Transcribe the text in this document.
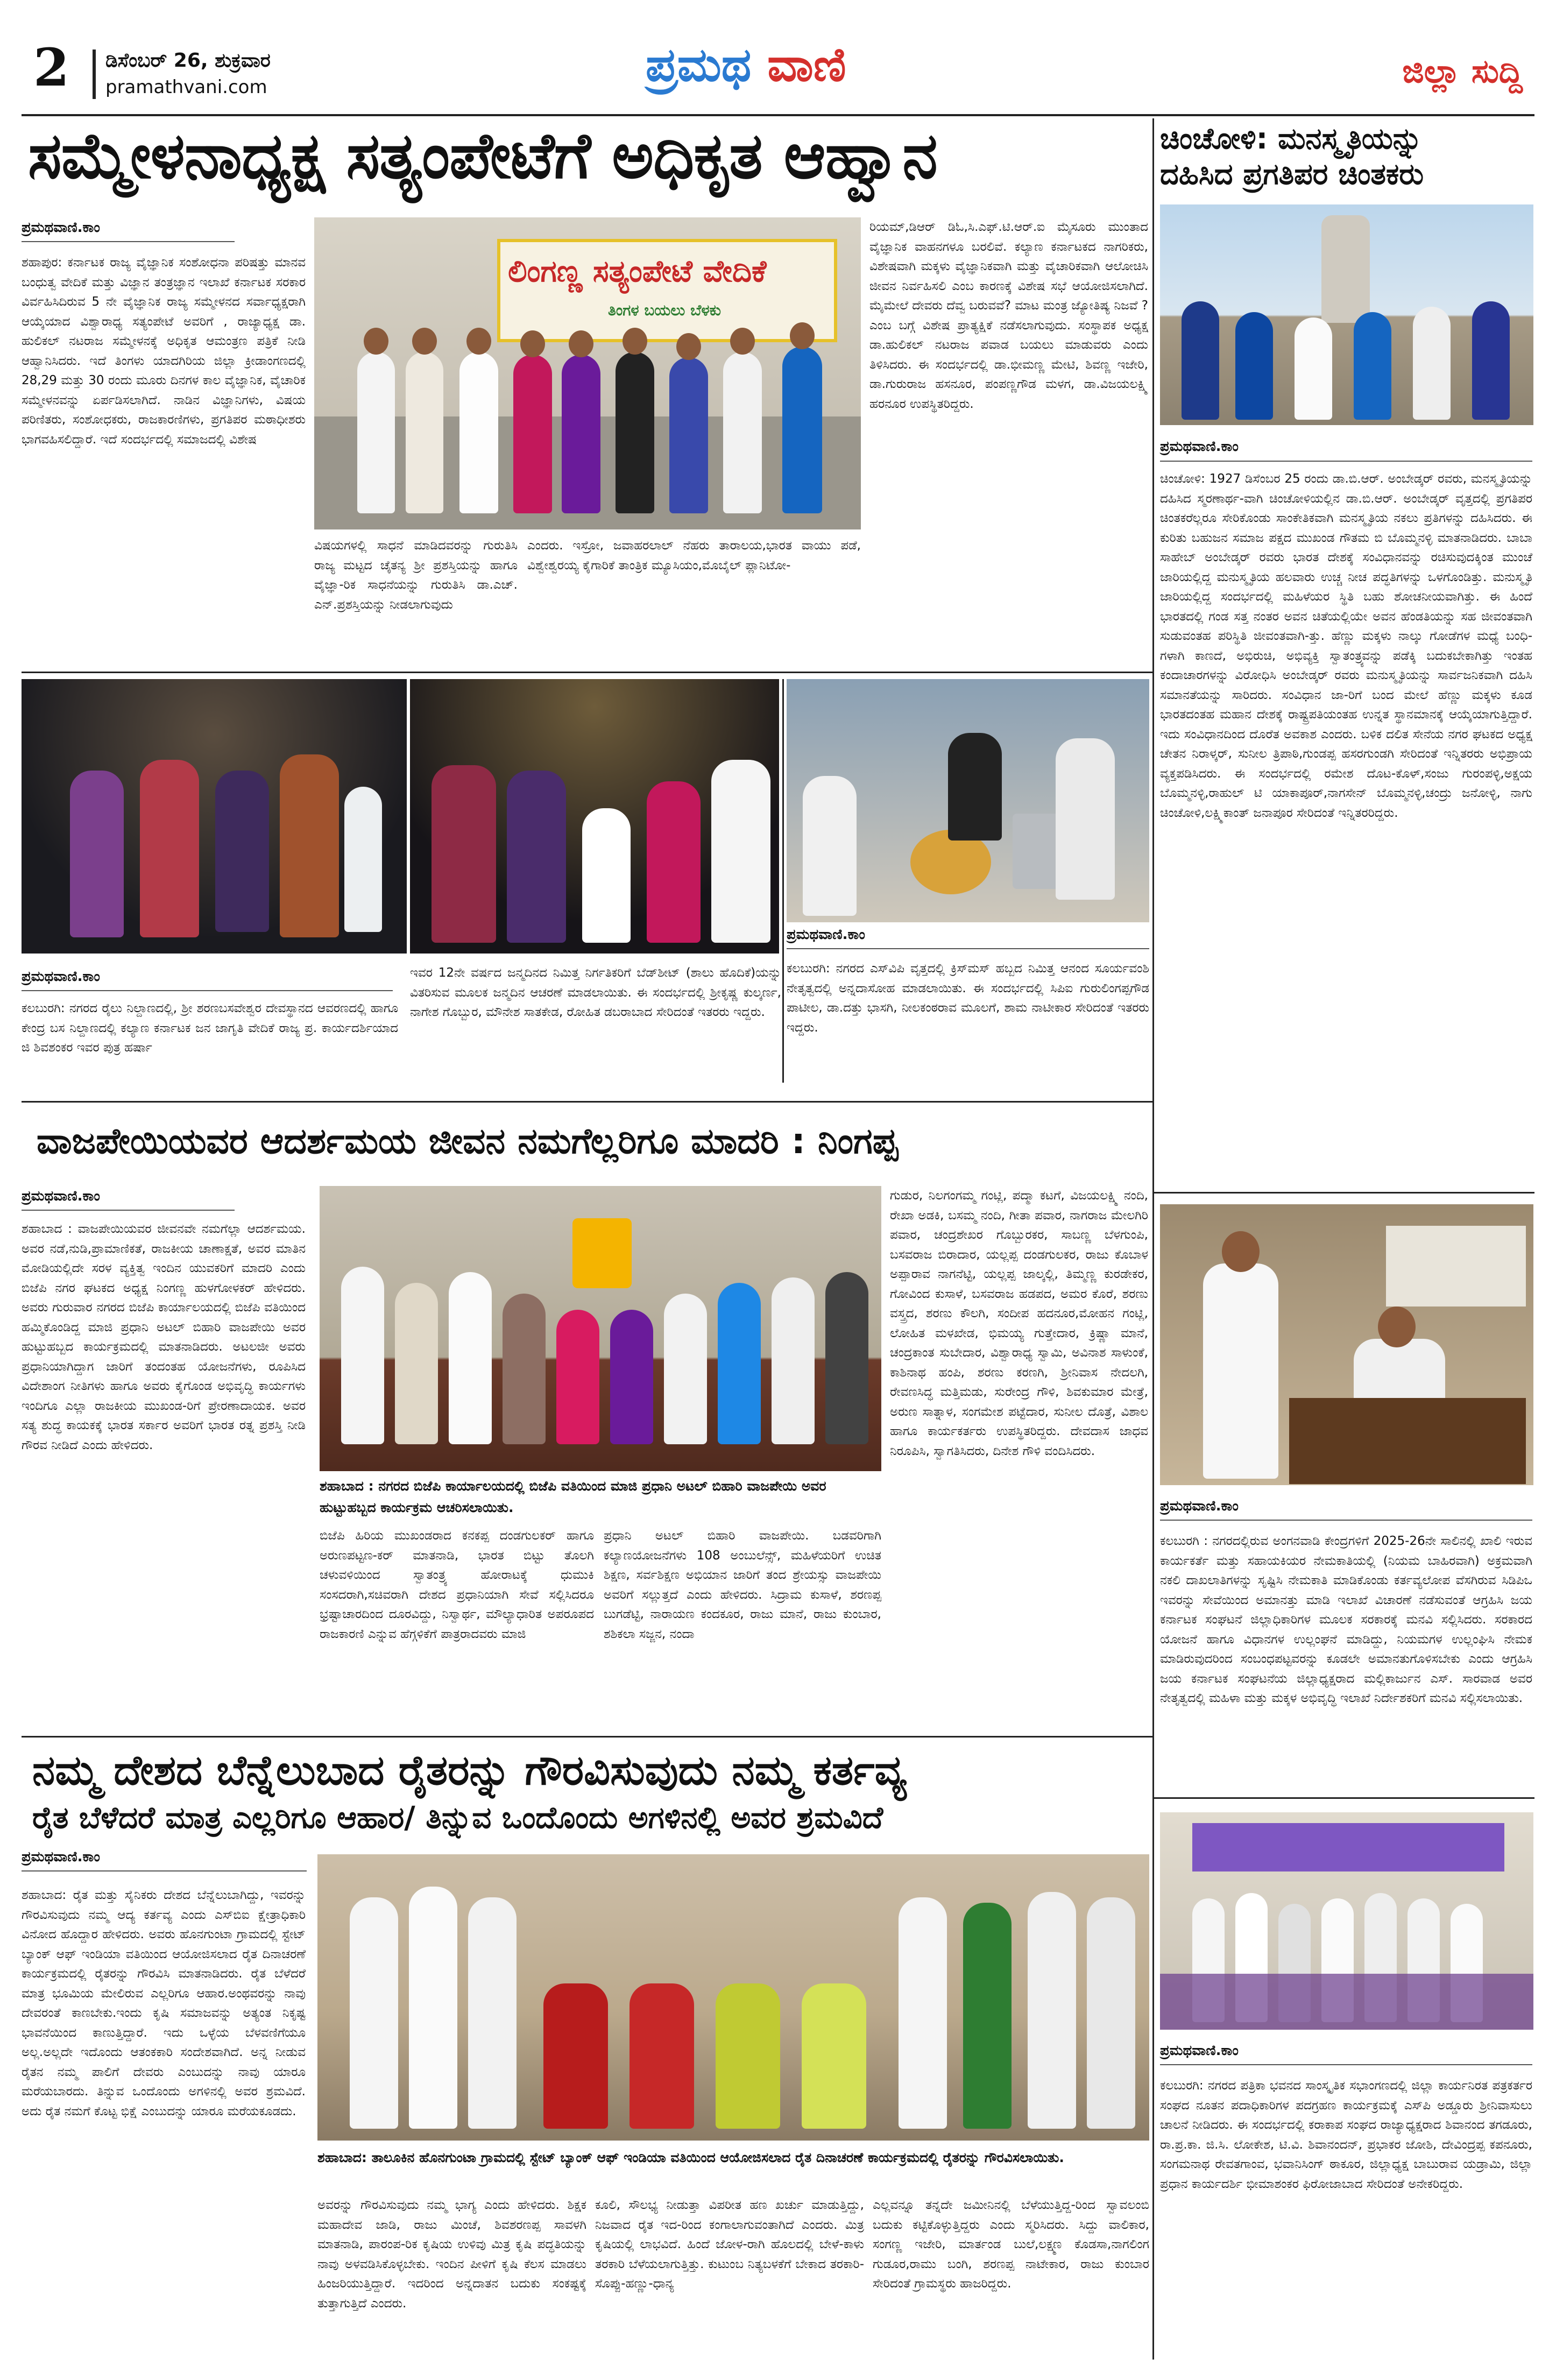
2 ಡಿಸೆಂಬರ್ 26, ಶುಕ್ರವಾರ
pramathvani.com	ಪ್ರಮಥ ವಾಣಿ	ಜಿಲ್ಲಾ ಸುದ್ದಿ
ಸಮ್ಮೇಳನಾಧ್ಯಕ್ಷ ಸತ್ಯಂಪೇಟೆಗೆ ಅಧಿಕೃತ ಆಹ್ವಾನ
ಪ್ರಮಥವಾಣಿ.ಕಾಂ
ಶಹಾಪುರ: ಕರ್ನಾಟಕ ರಾಜ್ಯ ವೈಜ್ಞಾನಿಕ ಸಂಶೋಧನಾ ಪರಿಷತ್ತು ಮಾನವ ಬಂಧುತ್ವ ವೇದಿಕೆ ಮತ್ತು ವಿಜ್ಞಾನ ತಂತ್ರಜ್ಞಾನ ಇಲಾಖೆ ಕರ್ನಾಟಕ ಸರಕಾರ ವಿರ್ವಹಿಸಿದಿರುವ 5 ನೇ ವೈಜ್ಞಾನಿಕ ರಾಜ್ಯ ಸಮ್ಮೇಳನದ ಸರ್ವಾಧ್ಯಕ್ಷರಾಗಿ ಆಯ್ಕೆಯಾದ ವಿಶ್ವಾರಾಧ್ಯ ಸತ್ಯಂಪೇಟೆ ಅವರಿಗೆ , ರಾಜ್ಯಾಧ್ಯಕ್ಷ ಡಾ. ಹುಲಿಕಲ್ ನಟರಾಜ ಸಮ್ಮೇಳನಕ್ಕೆ ಅಧಿಕೃತ ಆಮಂತ್ರಣ ಪತ್ರಿಕೆ ನೀಡಿ ಆಹ್ವಾನಿಸಿದರು. ಇದೆ ತಿಂಗಳು ಯಾದಗಿರಿಯ ಜಿಲ್ಲಾ ಕ್ರೀಡಾಂಗಣದಲ್ಲಿ 28,29 ಮತ್ತು 30 ರಂದು ಮೂರು ದಿನಗಳ ಕಾಲ ವೈಜ್ಞಾನಿಕ, ವೈಚಾರಿಕ ಸಮ್ಮೇಳನವನ್ನು ಏರ್ಪಡಿಸಲಾಗಿದೆ. ನಾಡಿನ ವಿಜ್ಞಾನಿಗಳು, ವಿಷಯ ಪರಿಣಿತರು, ಸಂಶೋಧಕರು, ರಾಜಕಾರಣಿಗಳು, ಪ್ರಗತಿಪರ ಮಠಾಧೀಶರು ಭಾಗವಹಿಸಲಿದ್ದಾರೆ. ಇದೆ ಸಂದರ್ಭದಲ್ಲಿ ಸಮಾಜದಲ್ಲಿ ವಿಶೇಷ
ಲಿಂಗಣ್ಣ ಸತ್ಯಂಪೇಟೆ ವೇದಿಕೆ
ತಿಂಗಳ ಬಯಲು ಬೆಳಕು
ವಿಷಯಗಳಲ್ಲಿ ಸಾಧನೆ ಮಾಡಿದವರನ್ನು ಗುರುತಿಸಿ ರಾಜ್ಯ ಮಟ್ಟದ ಚೈತನ್ಯ ಶ್ರೀ ಪ್ರಶಸ್ತಿಯನ್ನು ಹಾಗೂ ವೈಜ್ಞಾ-ರಿಕ ಸಾಧನೆಯನ್ನು ಗುರುತಿಸಿ ಡಾ.ಎಚ್. ಎನ್.ಪ್ರಶಸ್ತಿಯನ್ನು ನೀಡಲಾಗುವುದು
ಎಂದರು. ಇಸ್ರೋ, ಜವಾಹರಲಾಲ್ ನೆಹರು ತಾರಾಲಯ,ಭಾರತ ವಾಯು ಪಡೆ, ವಿಶ್ವೇಶ್ವರಯ್ಯ ಕೈಗಾರಿಕೆ ತಾಂತ್ರಿಕ ಮ್ಯೂಸಿಯಂ,ಮೊಬೈಲ್ ಪ್ಲಾನಿಟೋ-
ರಿಯಮ್,ಡಿಆರ್ ಡಿಓ,ಸಿ.ಎಫ್.ಟಿ.ಆರ್.ಐ ಮೈಸೂರು ಮುಂತಾದ ವೈಜ್ಞಾನಿಕ ವಾಹನಗಳೂ ಬರಲಿವೆ. ಕಲ್ಯಾಣ ಕರ್ನಾಟಕದ ನಾಗರಿಕರು, ವಿಶೇಷವಾಗಿ ಮಕ್ಕಳು ವೈಜ್ಞಾನಿಕವಾಗಿ ಮತ್ತು ವೈಚಾರಿಕವಾಗಿ ಆಲೋಚಿಸಿ ಜೀವನ ನಿರ್ವಹಿಸಲಿ ಎಂಬ ಕಾರಣಕ್ಕೆ ವಿಶೇಷ ಸಭೆ ಆಯೋಜಿಸಲಾಗಿದೆ. ಮೈಮೇಲೆ ದೇವರು ದೆವ್ವ ಬರುವವೆ? ಮಾಟ ಮಂತ್ರ ಜ್ಯೋತಿಷ್ಯ ನಿಜವೆ ? ಎಂಬ ಬಗ್ಗೆ ವಿಶೇಷ ಪ್ರಾತ್ಯಕ್ಷಿಕೆ ನಡೆಸಲಾಗುವುದು. ಸಂಸ್ಥಾಪಕ ಅಧ್ಯಕ್ಷ ಡಾ.ಹುಲಿಕಲ್ ನಟರಾಜ ಪವಾಡ ಬಯಲು ಮಾಡುವರು ಎಂದು ತಿಳಿಸಿದರು. ಈ ಸಂದರ್ಭದಲ್ಲಿ ಡಾ.ಭೀಮಣ್ಣ ಮೇಟಿ, ಶಿವಣ್ಣ ಇಜೇರಿ, ಡಾ.ಗುರುರಾಜ ಹಸನೂರ, ಪಂಪಣ್ಣಗೌಡ ಮಳಗ, ಡಾ.ವಿಜಯಲಕ್ಷ್ಮಿ ಹರನೂರ ಉಪಸ್ಥಿತರಿದ್ದರು.
ಚಿಂಚೋಳಿ: ಮನಸ್ಮೃತಿಯನ್ನು
ದಹಿಸಿದ ಪ್ರಗತಿಪರ ಚಿಂತಕರು
ಪ್ರಮಥವಾಣಿ.ಕಾಂ
ಚಿಂಚೋಳಿ: 1927 ಡಿಸೆಂಬರ 25 ರಂದು ಡಾ.ಬಿ.ಆರ್. ಅಂಬೇಡ್ಕರ್ ರವರು, ಮನಸ್ಮೃತಿಯನ್ನು ದಹಿಸಿದ ಸ್ಮರಣಾರ್ಥ-ವಾಗಿ ಚಿಂಚೋಳಿಯಲ್ಲಿನ ಡಾ.ಬಿ.ಆರ್. ಅಂಬೇಡ್ಕರ್ ವೃತ್ತದಲ್ಲಿ ಪ್ರಗತಿಪರ ಚಿಂತಕರೆಲ್ಲರೂ ಸೇರಿಕೊಂಡು ಸಾಂಕೇತಿಕವಾಗಿ ಮನಸ್ಮೃತಿಯ ನಕಲು ಪ್ರತಿಗಳನ್ನು ದಹಿಸಿದರು. ಈ ಕುರಿತು ಬಹುಜನ ಸಮಾಜ ಪಕ್ಷದ ಮುಖಂಡ ಗೌತಮ ಬಿ ಬೊಮ್ಮನಳ್ಳಿ ಮಾತನಾಡಿದರು. ಬಾಬಾ ಸಾಹೇಬ್ ಅಂಬೇಡ್ಕರ್ ರವರು ಭಾರತ ದೇಶಕ್ಕೆ ಸಂವಿಧಾನವನ್ನು ರಚಿಸುವುದಕ್ಕಿಂತ ಮುಂಚೆ ಜಾರಿಯಲ್ಲಿದ್ದ ಮನುಸ್ಮೃತಿಯ ಹಲವಾರು ಉಚ್ಚ ನೀಚ ಪದ್ಧತಿಗಳನ್ನು ಒಳಗೊಂಡಿತ್ತು. ಮನುಸ್ಮೃತಿ ಜಾರಿಯಲ್ಲಿದ್ದ ಸಂದರ್ಭದಲ್ಲಿ ಮಹಿಳೆಯರ ಸ್ಥಿತಿ ಬಹು ಶೋಚನೀಯವಾಗಿತ್ತು. ಈ ಹಿಂದೆ ಭಾರತದಲ್ಲಿ ಗಂಡ ಸತ್ತ ನಂತರ ಅವನ ಚಿತೆಯಲ್ಲಿಯೇ ಅವನ ಹೆಂಡತಿಯನ್ನು ಸಹ ಜೀವಂತವಾಗಿ ಸುಡುವಂತಹ ಪರಿಸ್ಥಿತಿ ಜೀವಂತವಾಗಿ-ತ್ತು. ಹೆಣ್ಣು ಮಕ್ಕಳು ನಾಲ್ಕು ಗೋಡೆಗಳ ಮಧ್ಯೆ ಬಂಧಿ-ಗಳಾಗಿ ಕಾಣದೆ, ಅಭಿರುಚಿ, ಅಭಿವ್ಯಕ್ತಿ ಸ್ವಾತಂತ್ರ್ಯವನ್ನು ಪಡೆಕ್ಕಿ ಬದುಕಬೇಕಾಗಿತ್ತು ಇಂತಹ ಕಂದಾಚಾರಗಳನ್ನು ವಿರೋಧಿಸಿ ಅಂಬೇಡ್ಕರ್ ರವರು ಮನುಸ್ಮೃತಿಯನ್ನು ಸಾರ್ವಜನಿಕವಾಗಿ ದಹಿಸಿ ಸಮಾನತೆಯನ್ನು ಸಾರಿದರು. ಸಂವಿಧಾನ ಜಾ-ರಿಗೆ ಬಂದ ಮೇಲೆ ಹೆಣ್ಣು ಮಕ್ಕಳು ಕೂಡ ಭಾರತದಂತಹ ಮಹಾನ ದೇಶಕ್ಕೆ ರಾಷ್ಟ್ರಪತಿಯಂತಹ ಉನ್ನತ ಸ್ಥಾನಮಾನಕ್ಕೆ ಆಯ್ಕೆಯಾಗುತ್ತಿದ್ದಾರೆ. ಇದು ಸಂವಿಧಾನದಿಂದ ದೊರೆತ ಅವಕಾಶ ಎಂದರು. ಬಳಿಕ ದಲಿತ ಸೇನೆಯ ನಗರ ಘಟಕದ ಅಧ್ಯಕ್ಷ ಚೇತನ ನಿರಾಳ್ಕರ್, ಸುನೀಲ ತ್ರಿಪಾಠಿ,ಗುಂಡಪ್ಪ ಹಸರಗುಂಡಗಿ ಸೇರಿದಂತೆ ಇನ್ನಿತರರು ಅಭಿಪ್ರಾಯ ವ್ಯಕ್ತಪಡಿಸಿದರು. ಈ ಸಂದರ್ಭದಲ್ಲಿ ರಮೇಶ ದೊಟ-ಕೊಳ್,ಸಂಜು ಗುರಂಪಳ್ಳಿ,ಅಕ್ಷಯ ಬೊಮ್ಮನಳ್ಳಿ,ರಾಹುಲ್ ಟಿ ಯಾಕಾಪೂರ್,ನಾಗಸೇನ್ ಬೊಮ್ಮನಳ್ಳಿ,ಚಂದ್ರು ಜನೋಳ್ಳಿ, ನಾಗು ಚಿಂಚೋಳಿ,ಲಕ್ಷ್ಮಿಕಾಂತ್ ಜನಾಪೂರ ಸೇರಿದಂತೆ ಇನ್ನಿತರರಿದ್ದರು.
ಪ್ರಮಥವಾಣಿ.ಕಾಂ
ಕಲಬುರಗಿ: ನಗರದ ರೈಲು ನಿಲ್ದಾಣದಲ್ಲಿ, ಶ್ರೀ ಶರಣಬಸವೇಶ್ವರ ದೇವಸ್ಥಾನದ ಆವರಣದಲ್ಲಿ ಹಾಗೂ ಕೇಂದ್ರ ಬಸ ನಿಲ್ದಾಣದಲ್ಲಿ ಕಲ್ಯಾಣ ಕರ್ನಾಟಕ ಜನ ಜಾಗೃತಿ ವೇದಿಕೆ ರಾಜ್ಯ ಪ್ರ. ಕಾರ್ಯದರ್ಶಿಯಾದ ಜಿ ಶಿವಶಂಕರ ಇವರ ಪುತ್ರ ಹರ್ಷಾ
ಇವರ 12ನೇ ವರ್ಷದ ಜನ್ಮದಿನದ ನಿಮಿತ್ತ ನಿರ್ಗತಿಕರಿಗೆ ಬೆಡ್‌ಶೀಟ್ (ಶಾಲು ಹೊದಿಕೆ)ಯನ್ನು ವಿತರಿಸುವ ಮೂಲಕ ಜನ್ಮದಿನ ಆಚರಣೆ ಮಾಡಲಾಯಿತು. ಈ ಸಂದರ್ಭದಲ್ಲಿ ಶ್ರೀಕೃಷ್ಣ ಕುಲ್ಕರ್ಣ, ನಾಗೇಶ ಗೊಬ್ಬುರ, ಮೌನೇಶ ಸಾತಕೇಡ, ರೋಹಿತ ಡಬರಾಬಾದ ಸೇರಿದಂತೆ ಇತರರು ಇದ್ದರು.
ಪ್ರಮಥವಾಣಿ.ಕಾಂ
ಕಲಬುರಗಿ: ನಗರದ ಎಸ್‌ವಿಪಿ ವೃತ್ತದಲ್ಲಿ ಕ್ರಿಸ್‌ಮಸ್ ಹಬ್ಬದ ನಿಮಿತ್ತ ಆನಂದ ಸೂರ್ಯವಂಶಿ ನೇತೃತ್ವದಲ್ಲಿ ಅನ್ನದಾಸೋಹ ಮಾಡಲಾಯಿತು. ಈ ಸಂದರ್ಭದಲ್ಲಿ ಸಿಪಿಐ ಗುರುಲಿಂಗಪ್ಪಗೌಡ ಪಾಟೀಲ, ಡಾ.ದತ್ತು ಭಾಸಗಿ, ನೀಲಕಂಠರಾವ ಮೂಲಗೆ, ಶಾಮ ನಾಟೀಕಾರ ಸೇರಿದಂತೆ ಇತರರು ಇದ್ದರು.
ವಾಜಪೇಯಿಯವರ ಆದರ್ಶಮಯ ಜೀವನ ನಮಗೆಲ್ಲರಿಗೂ ಮಾದರಿ : ನಿಂಗಪ್ಪ
ಪ್ರಮಥವಾಣಿ.ಕಾಂ
ಶಹಾಬಾದ : ವಾಜಪೇಯಿಯವರ ಜೀವನವೇ ನಮಗೆಲ್ಲಾ ಆದರ್ಶಮಯ. ಅವರ ನಡೆ,ನುಡಿ,ಪ್ರಾಮಾಣಿಕತೆ, ರಾಜಕೀಯ ಚಾಣಾಕ್ಷತೆ, ಅವರ ಮಾತಿನ ಮೋಡಿಯಲ್ಲಿದೇ ಸರಳ ವ್ಯಕ್ತಿತ್ವ ಇಂದಿನ ಯುವಕರಿಗೆ ಮಾದರಿ ಎಂದು ಬಿಜೆಪಿ ನಗರ ಘಟಕದ ಅಧ್ಯಕ್ಷ ನಿಂಗಣ್ಣ ಹುಳಗೋಳಕರ್ ಹೇಳಿದರು. ಅವರು ಗುರುವಾರ ನಗರದ ಬಿಜೆಪಿ ಕಾರ್ಯಾಲಯದಲ್ಲಿ ಬಿಜೆಪಿ ವತಿಯಿಂದ ಹಮ್ಮಿಕೊಂಡಿದ್ದ ಮಾಜಿ ಪ್ರಧಾನಿ ಅಟಲ್ ಬಿಹಾರಿ ವಾಜಪೇಯಿ ಅವರ ಹುಟ್ಟುಹಬ್ಬದ ಕಾರ್ಯಕ್ರಮದಲ್ಲಿ ಮಾತನಾಡಿದರು. ಅಟಲಜೀ ಅವರು ಪ್ರಧಾನಿಯಾಗಿದ್ದಾಗ ಜಾರಿಗೆ ತಂದಂತಹ ಯೋಜನೆಗಳು, ರೂಪಿಸಿದ ವಿದೇಶಾಂಗ ನೀತಿಗಳು ಹಾಗೂ ಅವರು ಕೈಗೊಂಡ ಅಭಿವೃದ್ಧಿ ಕಾರ್ಯಗಳು ಇಂದಿಗೂ ಎಲ್ಲಾ ರಾಜಕೀಯ ಮುಖಂಡ-ರಿಗೆ ಪ್ರೇರಣಾದಾಯಕ. ಅವರ ಸತ್ಯ ಶುದ್ಧ ಕಾಯಕಕ್ಕೆ ಭಾರತ ಸರ್ಕಾರ ಅವರಿಗೆ ಭಾರತ ರತ್ನ ಪ್ರಶಸ್ತಿ ನೀಡಿ ಗೌರವ ನೀಡಿದೆ ಎಂದು ಹೇಳಿದರು.
ಶಹಾಬಾದ : ನಗರದ ಬಿಜೆಪಿ ಕಾರ್ಯಾಲಯದಲ್ಲಿ ಬಿಜೆಪಿ ವತಿಯಿಂದ ಮಾಜಿ ಪ್ರಧಾನಿ ಅಟಲ್ ಬಿಹಾರಿ ವಾಜಪೇಯಿ ಅವರ ಹುಟ್ಟುಹಬ್ಬದ ಕಾರ್ಯಕ್ರಮ ಆಚರಿಸಲಾಯಿತು.
ಬಿಜೆಪಿ ಹಿರಿಯ ಮುಖಂಡರಾದ ಕನಕಪ್ಪ ದಂಡಗುಲಕರ್ ಹಾಗೂ ಅರುಣಪಟ್ಟಣ-ಕರ್ ಮಾತನಾಡಿ, ಭಾರತ ಬಿಟ್ಟು ತೊಲಗಿ ಚಳುವಳಿಯಿಂದ ಸ್ವಾತಂತ್ರ್ಯ ಹೋರಾಟಕ್ಕೆ ಧುಮುಕಿ ಸಂಸದರಾಗಿ,ಸಚಿವರಾಗಿ ದೇಶದ ಪ್ರಧಾನಿಯಾಗಿ ಸೇವೆ ಸಲ್ಲಿಸಿದರೂ ಭ್ರಷ್ಟಾಚಾರದಿಂದ ದೂರವಿದ್ದು, ನಿಸ್ವಾರ್ಥ, ಮೌಲ್ಯಾಧಾರಿತ ಅಪರೂಪದ ರಾಜಕಾರಣಿ ಎನ್ನುವ ಹೆಗ್ಗಳಿಕೆಗೆ ಪಾತ್ರರಾದವರು ಮಾಜಿ
ಪ್ರಧಾನಿ ಅಟಲ್ ಬಿಹಾರಿ ವಾಜಪೇಯಿ. ಬಡವರಿಗಾಗಿ ಕಲ್ಯಾಣಯೋಜನೆಗಳು 108 ಅಂಬುಲೆನ್ಸ್, ಮಹಿಳೆಯರಿಗೆ ಉಚಿತ ಶಿಕ್ಷಣ, ಸರ್ವಶಿಕ್ಷಣ ಅಭಿಯಾನ ಜಾರಿಗೆ ತಂದ ಶ್ರೇಯಸ್ಸು ವಾಜಪೇಯಿ ಅವರಿಗೆ ಸಲ್ಲುತ್ತದೆ ಎಂದು ಹೇಳಿದರು. ಸಿದ್ರಾಮ ಕುಸಾಳೆ, ಶರಣಪ್ಪ ಬುಗಡೆಟ್ಟಿ, ನಾರಾಯಣ ಕಂದಕೂರ, ರಾಜು ಮಾನೆ, ರಾಜು ಕುಂಬಾರ, ಶಶಿಕಲಾ ಸಜ್ಜನ, ನಂದಾ
ಗುಡುರ, ನಿಲಗಂಗಮ್ಮ ಗಂಟ್ಲಿ, ಪದ್ಮಾ ಕಟಗೆ, ವಿಜಯಲಕ್ಷ್ಮಿ ನಂದಿ, ರೇಖಾ ಅಡಕಿ, ಬಸಮ್ಮ ನಂದಿ, ಗೀತಾ ಪವಾರ, ನಾಗರಾಜ ಮೇಲಗಿರಿ ಪವಾರ, ಚಂದ್ರಶೇಖರ ಗೊಬ್ಬುರಕರ, ಸಾಬಣ್ಣ ಬೆಳಗುಂಪಿ, ಬಸವರಾಜ ಬಿರಾದಾರ, ಯಲ್ಲಪ್ಪ ದಂಡಗುಲಕರ, ರಾಜು ಕೊಬಾಳ ಅಪ್ಪಾರಾವ ನಾಗನೆಟ್ಟಿ, ಯಲ್ಲಪ್ಪ ಜಾಲ್ಕಲ್ಲಿ, ತಿಮ್ಮಣ್ಣ ಕುರಡೇಕರ, ಗೋವಿಂದ ಕುಸಾಳೆ, ಬಸವರಾಜ ಹಡಪದ, ಅಮರ ಕೊರೆ, ಶರಣು ವಸ್ತ್ರದ, ಶರಣು ಕೌಲಗಿ, ಸಂದೀಪ ಹದನೂರ,ಮೋಹನ ಗಂಟ್ಲಿ, ಲೋಹಿತ ಮಳಖೇಡ, ಭಿಮಯ್ಯ ಗುತ್ತೇದಾರ, ಕ್ರಿಷ್ಣಾ ಮಾನೆ, ಚಂದ್ರಕಾಂತ ಸುಬೇದಾರ, ವಿಶ್ವಾರಾಧ್ಯ ಸ್ವಾಮಿ, ಅವಿನಾಶ ಸಾಳುಂಕೆ, ಕಾಶಿನಾಥ ಹಂಪಿ, ಶರಣು ಕರಣಗಿ, ಶ್ರೀನಿವಾಸ ನೇದಲಗಿ, ರೇವಣಸಿದ್ಧ ಮತ್ತಿಮಡು, ಸುರೇಂದ್ರ ಗೌಳಿ, ಶಿವಕುಮಾರ ಮೇತ್ರೆ, ಅರುಣ ಸಾತ್ನಾಳ, ಸಂಗಮೇಶ ಪಟ್ಟೆದಾರ, ಸುನೀಲ ದೊತ್ರೆ, ವಿಶಾಲ ಹಾಗೂ ಕಾರ್ಯಕರ್ತರು ಉಪಸ್ಥಿತರಿದ್ದರು. ದೇವದಾಸ ಜಾಧವ ನಿರೂಪಿಸಿ, ಸ್ವಾಗತಿಸಿದರು, ದಿನೇಶ ಗೌಳಿ ವಂದಿಸಿದರು.
ಪ್ರಮಥವಾಣಿ.ಕಾಂ
ಕಲಬುರಗಿ : ನಗರದಲ್ಲಿರುವ ಅಂಗನವಾಡಿ ಕೇಂದ್ರಗಳಿಗೆ 2025-26ನೇ ಸಾಲಿನಲ್ಲಿ ಖಾಲಿ ಇರುವ ಕಾರ್ಯಕರ್ತೆ ಮತ್ತು ಸಹಾಯಕಿಯರ ನೇಮಕಾತಿಯಲ್ಲಿ (ನಿಯಮ ಬಾಹಿರವಾಗಿ) ಅಕ್ರಮವಾಗಿ ನಕಲಿ ದಾಖಲಾತಿಗಳನ್ನು ಸೃಷ್ಟಿಸಿ ನೇಮಕಾತಿ ಮಾಡಿಕೊಂಡು ಕರ್ತವ್ಯಲೋಪ ವೆಸಗಿರುವ ಸಿಡಿಪಿಒ ಇವರನ್ನು ಸೇವೆಯಿಂದ ಅಮಾನತ್ತು ಮಾಡಿ ಇಲಾಖೆ ವಿಚಾರಣೆ ನಡೆಸುವಂತೆ ಆಗ್ರಹಿಸಿ ಜಯ ಕರ್ನಾಟಕ ಸಂಘಟನೆ ಜಿಲ್ಲಾಧಿಕಾರಿಗಳ ಮೂಲಕ ಸರಕಾರಕ್ಕೆ ಮನವಿ ಸಲ್ಲಿಸಿದರು. ಸರಕಾರದ ಯೋಜನೆ ಹಾಗೂ ವಿಧಾನಗಳ ಉಲ್ಲಂಘನೆ ಮಾಡಿದ್ದು, ನಿಯಮಗಳ ಉಲ್ಲಂಘಿಸಿ ನೇಮಕ ಮಾಡಿರುವುದರಿಂದ ಸಂಬಂಧಪಟ್ಟವರನ್ನು ಕೂಡಲೇ ಅಮಾನತುಗೊಳಿಸಬೇಕು ಎಂದು ಆಗ್ರಹಿಸಿ ಜಯ ಕರ್ನಾಟಕ ಸಂಘಟನೆಯ ಜಿಲ್ಲಾಧ್ಯಕ್ಷರಾದ ಮಲ್ಲಿಕಾರ್ಜುನ ಎಸ್. ಸಾರವಾಡ ಅವರ ನೇತೃತ್ವದಲ್ಲಿ ಮಹಿಳಾ ಮತ್ತು ಮಕ್ಕಳ ಅಭಿವೃದ್ಧಿ ಇಲಾಖೆ ನಿರ್ದೇಶಕರಿಗೆ ಮನವಿ ಸಲ್ಲಿಸಲಾಯಿತು.
ನಮ್ಮ ದೇಶದ ಬೆನ್ನೆಲುಬಾದ ರೈತರನ್ನು ಗೌರವಿಸುವುದು ನಮ್ಮ ಕರ್ತವ್ಯ
ರೈತ ಬೆಳೆದರೆ ಮಾತ್ರ ಎಲ್ಲರಿಗೂ ಆಹಾರ/ ತಿನ್ನುವ ಒಂದೊಂದು ಅಗಳಿನಲ್ಲಿ ಅವರ ಶ್ರಮವಿದೆ
ಪ್ರಮಥವಾಣಿ.ಕಾಂ
ಶಹಾಬಾದ: ರೈತ ಮತ್ತು ಸೈನಿಕರು ದೇಶದ ಬೆನ್ನೆಲುಬಾಗಿದ್ದು, ಇವರನ್ನು ಗೌರವಿಸುವುದು ನಮ್ಮ ಆದ್ಯ ಕರ್ತವ್ಯ ಎಂದು ಎಸ್‌ಬಿಐ ಕ್ಷೇತ್ರಾಧಿಕಾರಿ ವಿನೋದ ಹೊದ್ದಾರ ಹೇಳಿದರು. ಅವರು ಹೊನಗುಂಟಾ ಗ್ರಾಮದಲ್ಲಿ ಸ್ಟೇಟ್ ಬ್ಯಾಂಕ್ ಆಫ್ ಇಂಡಿಯಾ ವತಿಯಿಂದ ಆಯೋಜಿಸಲಾದ ರೈತ ದಿನಾಚರಣೆ ಕಾರ್ಯಕ್ರಮದಲ್ಲಿ ರೈತರನ್ನು ಗೌರವಿಸಿ ಮಾತನಾಡಿದರು. ರೈತ ಬೆಳೆದರೆ ಮಾತ್ರ ಭೂಮಿಯ ಮೇಲಿರುವ ಎಲ್ಲರಿಗೂ ಆಹಾರ.ಅಂಥವರನ್ನು ನಾವು ದೇವರಂತೆ ಕಾಣಬೇಕು.ಇಂದು ಕೃಷಿ ಸಮಾಜವನ್ನು ಅತ್ಯಂತ ನಿಕೃಷ್ಟ ಭಾವನೆಯಿಂದ ಕಾಣುತ್ತಿದ್ದಾರೆ. ಇದು ಒಳ್ಳೆಯ ಬೆಳವಣಿಗೆಯೂ ಅಲ್ಲ.ಅಲ್ಲದೇ ಇದೊಂದು ಆತಂಕಕಾರಿ ಸಂದೇಶವಾಗಿದೆ. ಅನ್ನ ನೀಡುವ ರೈತನ ನಮ್ಮ ಪಾಲಿಗೆ ದೇವರು ಎಂಬುದನ್ನು ನಾವು ಯಾರೂ ಮರೆಯಬಾರದು. ತಿನ್ನುವ ಒಂದೊಂದು ಅಗಳಿನಲ್ಲಿ ಅವರ ಶ್ರಮವಿದೆ. ಅದು ರೈತ ನಮಗೆ ಕೊಟ್ಟ ಭಿಕ್ಷೆ ಎಂಬುದನ್ನು ಯಾರೂ ಮರೆಯಕೂಡದು.
ಶಹಾಬಾದ: ತಾಲೂಕಿನ ಹೊನಗುಂಟಾ ಗ್ರಾಮದಲ್ಲಿ ಸ್ಟೇಟ್ ಬ್ಯಾಂಕ್ ಆಫ್ ಇಂಡಿಯಾ ವತಿಯಿಂದ ಆಯೋಜಿಸಲಾದ ರೈತ ದಿನಾಚರಣೆ ಕಾರ್ಯಕ್ರಮದಲ್ಲಿ ರೈತರನ್ನು ಗೌರವಿಸಲಾಯಿತು.
ಅವರನ್ನು ಗೌರವಿಸುವುದು ನಮ್ಮ ಭಾಗ್ಯ ಎಂದು ಹೇಳಿದರು. ಶಿಕ್ಷಕ ಮಹಾದೇವ ಜಾಡಿ, ರಾಜು ಮಿಂಚೆ, ಶಿವಶರಣಪ್ಪ ಸಾವಳಗಿ ಮಾತನಾಡಿ, ಪಾರಂಪ-ರಿಕ ಕೃಷಿಯ ಉಳಿವು ಮಿತ್ರ ಕೃಷಿ ಪದ್ಧತಿಯನ್ನು ನಾವು ಅಳವಡಿಸಿಕೊಳ್ಳಬೇಕು. ಇಂದಿನ ಪೀಳಿಗೆ ಕೃಷಿ ಕೆಲಸ ಮಾಡಲು ಹಿಂಜರಿಯುತ್ತಿದ್ದಾರೆ. ಇದರಿಂದ ಅನ್ನದಾತನ ಬದುಕು ಸಂಕಷ್ಟಕ್ಕೆ ತುತ್ತಾಗುತ್ತಿದೆ ಎಂದರು.
ಕೂಲಿ, ಸೌಲಭ್ಯ ನೀಡುತ್ತಾ ವಿಪರೀತ ಹಣ ಖರ್ಚು ಮಾಡುತ್ತಿದ್ದು, ನಿಜವಾದ ರೈತ ಇದ-ರಿಂದ ಕಂಗಾಲಾಗುವಂತಾಗಿದೆ ಎಂದರು. ಮಿತ್ರ ಕೃಷಿಯಲ್ಲಿ ಲಾಭವಿದೆ. ಹಿಂದೆ ಜೋಳ-ರಾಗಿ ಹೊಲದಲ್ಲಿ ಬೇಳೆ-ಕಾಳು ತರಕಾರಿ ಬೆಳೆಯಲಾಗುತ್ತಿತ್ತು. ಕುಟುಂಬ ನಿತ್ಯಬಳಕೆಗೆ ಬೇಕಾದ ತರಕಾರಿ-ಸೊಪ್ಪು-ಹಣ್ಣು-ಧಾನ್ಯ
ಎಲ್ಲವನ್ನೂ ತನ್ನದೇ ಜಮೀನಿನಲ್ಲಿ ಬೆಳೆಯುತ್ತಿದ್ದ-ರಿಂದ ಸ್ವಾವಲಂಬಿ ಬದುಕು ಕಟ್ಟಿಕೊಳ್ಳುತ್ತಿದ್ದರು ಎಂದು ಸ್ಮರಿಸಿದರು. ಸಿದ್ದು ವಾಲಿಕಾರ, ಸಂಗಣ್ಣ ಇಜೇರಿ, ಮಾರ್ತಂಡ ಬುಲೆ,ಲಕ್ಷ್ಮಣ ಕೊಡಸಾ,ನಾಗಲಿಂಗ ಗುಡೂರ,ರಾಮು ಬಂಗಿ, ಶರಣಪ್ಪ ನಾಟೇಕಾರ, ರಾಜು ಕುಂಬಾರ ಸೇರಿದಂತೆ ಗ್ರಾಮಸ್ಥರು ಹಾಜರಿದ್ದರು.
ಪ್ರಮಥವಾಣಿ.ಕಾಂ
ಕಲಬುರಗಿ: ನಗರದ ಪತ್ರಿಕಾ ಭವನದ ಸಾಂಸ್ಕೃತಿಕ ಸಭಾಂಗಣದಲ್ಲಿ ಜಿಲ್ಲಾ ಕಾರ್ಯನಿರತ ಪತ್ರಕರ್ತರ ಸಂಘದ ನೂತನ ಪದಾಧಿಕಾರಿಗಳ ಪದಗ್ರಹಣ ಕಾರ್ಯಕ್ರಮಕ್ಕೆ ಎಸ್‌ಪಿ ಅಡ್ಡೂರು ಶ್ರೀನಿವಾಸುಲು ಚಾಲನೆ ನೀಡಿದರು. ಈ ಸಂದರ್ಭದಲ್ಲಿ ಕರಾಕಾಪ ಸಂಘದ ರಾಜ್ಯಾಧ್ಯಕ್ಷರಾದ ಶಿವಾನಂದ ತಗಡೂರು, ರಾ.ಪ್ರ.ಕಾ. ಜಿ.ಸಿ. ಲೋಕೇಶ, ಟಿ.ವಿ. ಶಿವಾನಂದನ್, ಪ್ರಭಾಕರ ಜೋಶಿ, ದೇವಿಂದ್ರಪ್ಪ ಕಪನೂರು, ಸಂಗಮನಾಥ ರೇವತಗಾಂವ, ಭವಾನಿಸಿಂಗ್ ಠಾಕೂರ, ಜಿಲ್ಲಾಧ್ಯಕ್ಷ ಬಾಬುರಾವ ಯಡ್ರಾಮಿ, ಜಿಲ್ಲಾ ಪ್ರಧಾನ ಕಾರ್ಯದರ್ಶಿ ಭೀಮಾಶಂಕರ ಫಿರೋಜಾಬಾದ ಸೇರಿದಂತೆ ಅನೇಕರಿದ್ದರು.
